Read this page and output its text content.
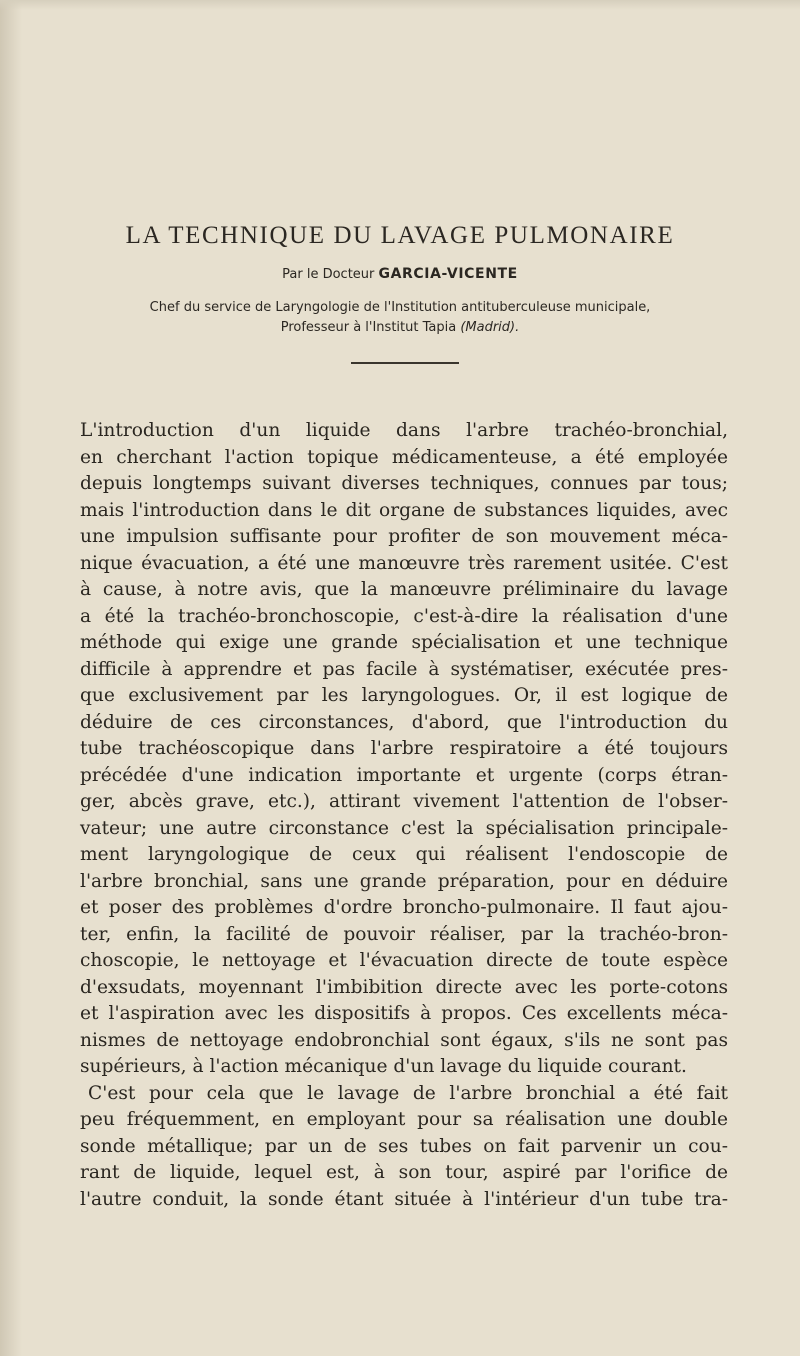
LA TECHNIQUE DU LAVAGE PULMONAIRE
Par le Docteur GARCIA-VICENTE
Chef du service de Laryngologie de l'Institution antituberculeuse municipale,
Professeur à l'Institut Tapia (Madrid).
L'introduction d'un liquide dans l'arbre trachéo-bronchial,
en cherchant l'action topique médicamenteuse, a été employée
depuis longtemps suivant diverses techniques, connues par tous;
mais l'introduction dans le dit organe de substances liquides, avec
une impulsion suffisante pour profiter de son mouvement méca-
nique évacuation, a été une manœuvre très rarement usitée. C'est
à cause, à notre avis, que la manœuvre préliminaire du lavage
a été la trachéo-bronchoscopie, c'est-à-dire la réalisation d'une
méthode qui exige une grande spécialisation et une technique
difficile à apprendre et pas facile à systématiser, exécutée pres-
que exclusivement par les laryngologues. Or, il est logique de
déduire de ces circonstances, d'abord, que l'introduction du
tube trachéoscopique dans l'arbre respiratoire a été toujours
précédée d'une indication importante et urgente (corps étran-
ger, abcès grave, etc.), attirant vivement l'attention de l'obser-
vateur; une autre circonstance c'est la spécialisation principale-
ment laryngologique de ceux qui réalisent l'endoscopie de
l'arbre bronchial, sans une grande préparation, pour en déduire
et poser des problèmes d'ordre broncho-pulmonaire. Il faut ajou-
ter, enfin, la facilité de pouvoir réaliser, par la trachéo-bron-
choscopie, le nettoyage et l'évacuation directe de toute espèce
d'exsudats, moyennant l'imbibition directe avec les porte-cotons
et l'aspiration avec les dispositifs à propos. Ces excellents méca-
nismes de nettoyage endobronchial sont égaux, s'ils ne sont pas
supérieurs, à l'action mécanique d'un lavage du liquide courant.
C'est pour cela que le lavage de l'arbre bronchial a été fait
peu fréquemment, en employant pour sa réalisation une double
sonde métallique; par un de ses tubes on fait parvenir un cou-
rant de liquide, lequel est, à son tour, aspiré par l'orifice de
l'autre conduit, la sonde étant située à l'intérieur d'un tube tra-
